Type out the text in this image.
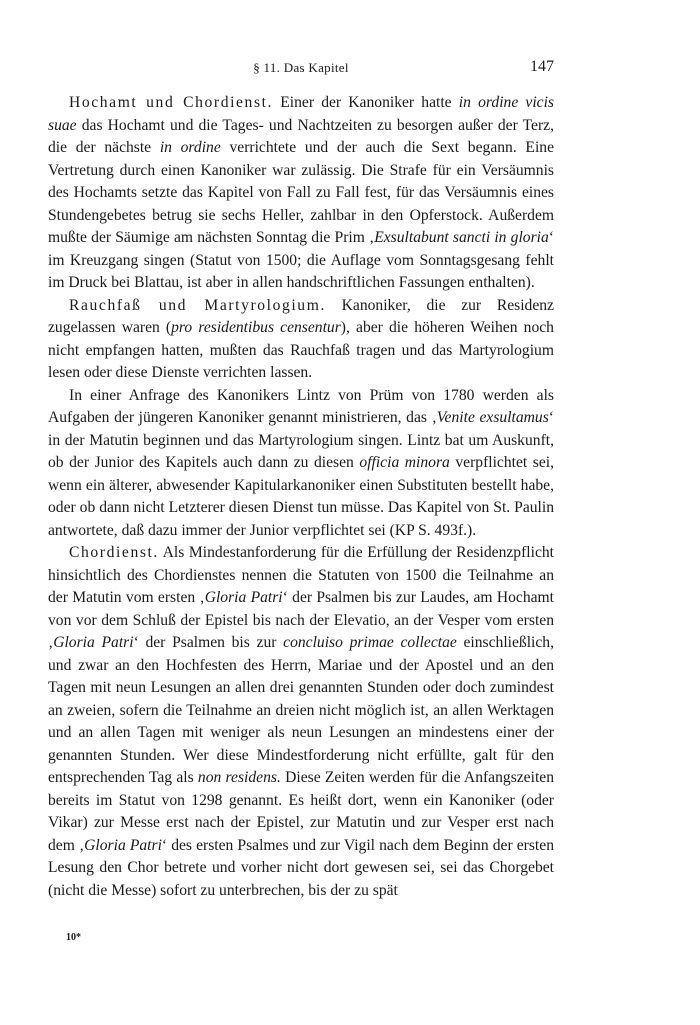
§ 11. Das Kapitel	147

Hochamt und Chordienst. Einer der Kanoniker hatte in ordine vicis suae das Hochamt und die Tages- und Nachtzeiten zu besorgen außer der Terz, die der nächste in ordine verrichtete und der auch die Sext begann. Eine Vertretung durch einen Kanoniker war zulässig. Die Strafe für ein Versäumnis des Hochamts setzte das Kapitel von Fall zu Fall fest, für das Versäumnis eines Stundengebetes betrug sie sechs Heller, zahlbar in den Opferstock. Außerdem mußte der Säumige am nächsten Sonntag die Prim ‚Exsultabunt sancti in gloria‘ im Kreuzgang singen (Statut von 1500; die Auflage vom Sonntagsgesang fehlt im Druck bei Blattau, ist aber in allen handschriftlichen Fassungen enthalten).

Rauchfaß und Martyrologium. Kanoniker, die zur Residenz zugelassen waren (pro residentibus censentur), aber die höheren Weihen noch nicht empfangen hatten, mußten das Rauchfaß tragen und das Martyrologium lesen oder diese Dienste verrichten lassen.

In einer Anfrage des Kanonikers Lintz von Prüm von 1780 werden als Aufgaben der jüngeren Kanoniker genannt ministrieren, das ‚Venite exsultamus‘ in der Matutin beginnen und das Martyrologium singen. Lintz bat um Auskunft, ob der Junior des Kapitels auch dann zu diesen officia minora verpflichtet sei, wenn ein älterer, abwesender Kapitularkanoniker einen Substituten bestellt habe, oder ob dann nicht Letzterer diesen Dienst tun müsse. Das Kapitel von St. Paulin antwortete, daß dazu immer der Junior verpflichtet sei (KP S. 493f.).

Chordienst. Als Mindestanforderung für die Erfüllung der Residenzpflicht hinsichtlich des Chordienstes nennen die Statuten von 1500 die Teilnahme an der Matutin vom ersten ‚Gloria Patri‘ der Psalmen bis zur Laudes, am Hochamt von vor dem Schluß der Epistel bis nach der Elevatio, an der Vesper vom ersten ‚Gloria Patri‘ der Psalmen bis zur concluiso primae collectae einschließlich, und zwar an den Hochfesten des Herrn, Mariae und der Apostel und an den Tagen mit neun Lesungen an allen drei genannten Stunden oder doch zumindest an zweien, sofern die Teilnahme an dreien nicht möglich ist, an allen Werktagen und an allen Tagen mit weniger als neun Lesungen an mindestens einer der genannten Stunden. Wer diese Mindestforderung nicht erfüllte, galt für den entsprechenden Tag als non residens. Diese Zeiten werden für die Anfangszeiten bereits im Statut von 1298 genannt. Es heißt dort, wenn ein Kanoniker (oder Vikar) zur Messe erst nach der Epistel, zur Matutin und zur Vesper erst nach dem ‚Gloria Patri‘ des ersten Psalmes und zur Vigil nach dem Beginn der ersten Lesung den Chor betrete und vorher nicht dort gewesen sei, sei das Chorgebet (nicht die Messe) sofort zu unterbrechen, bis der zu spät

10*
